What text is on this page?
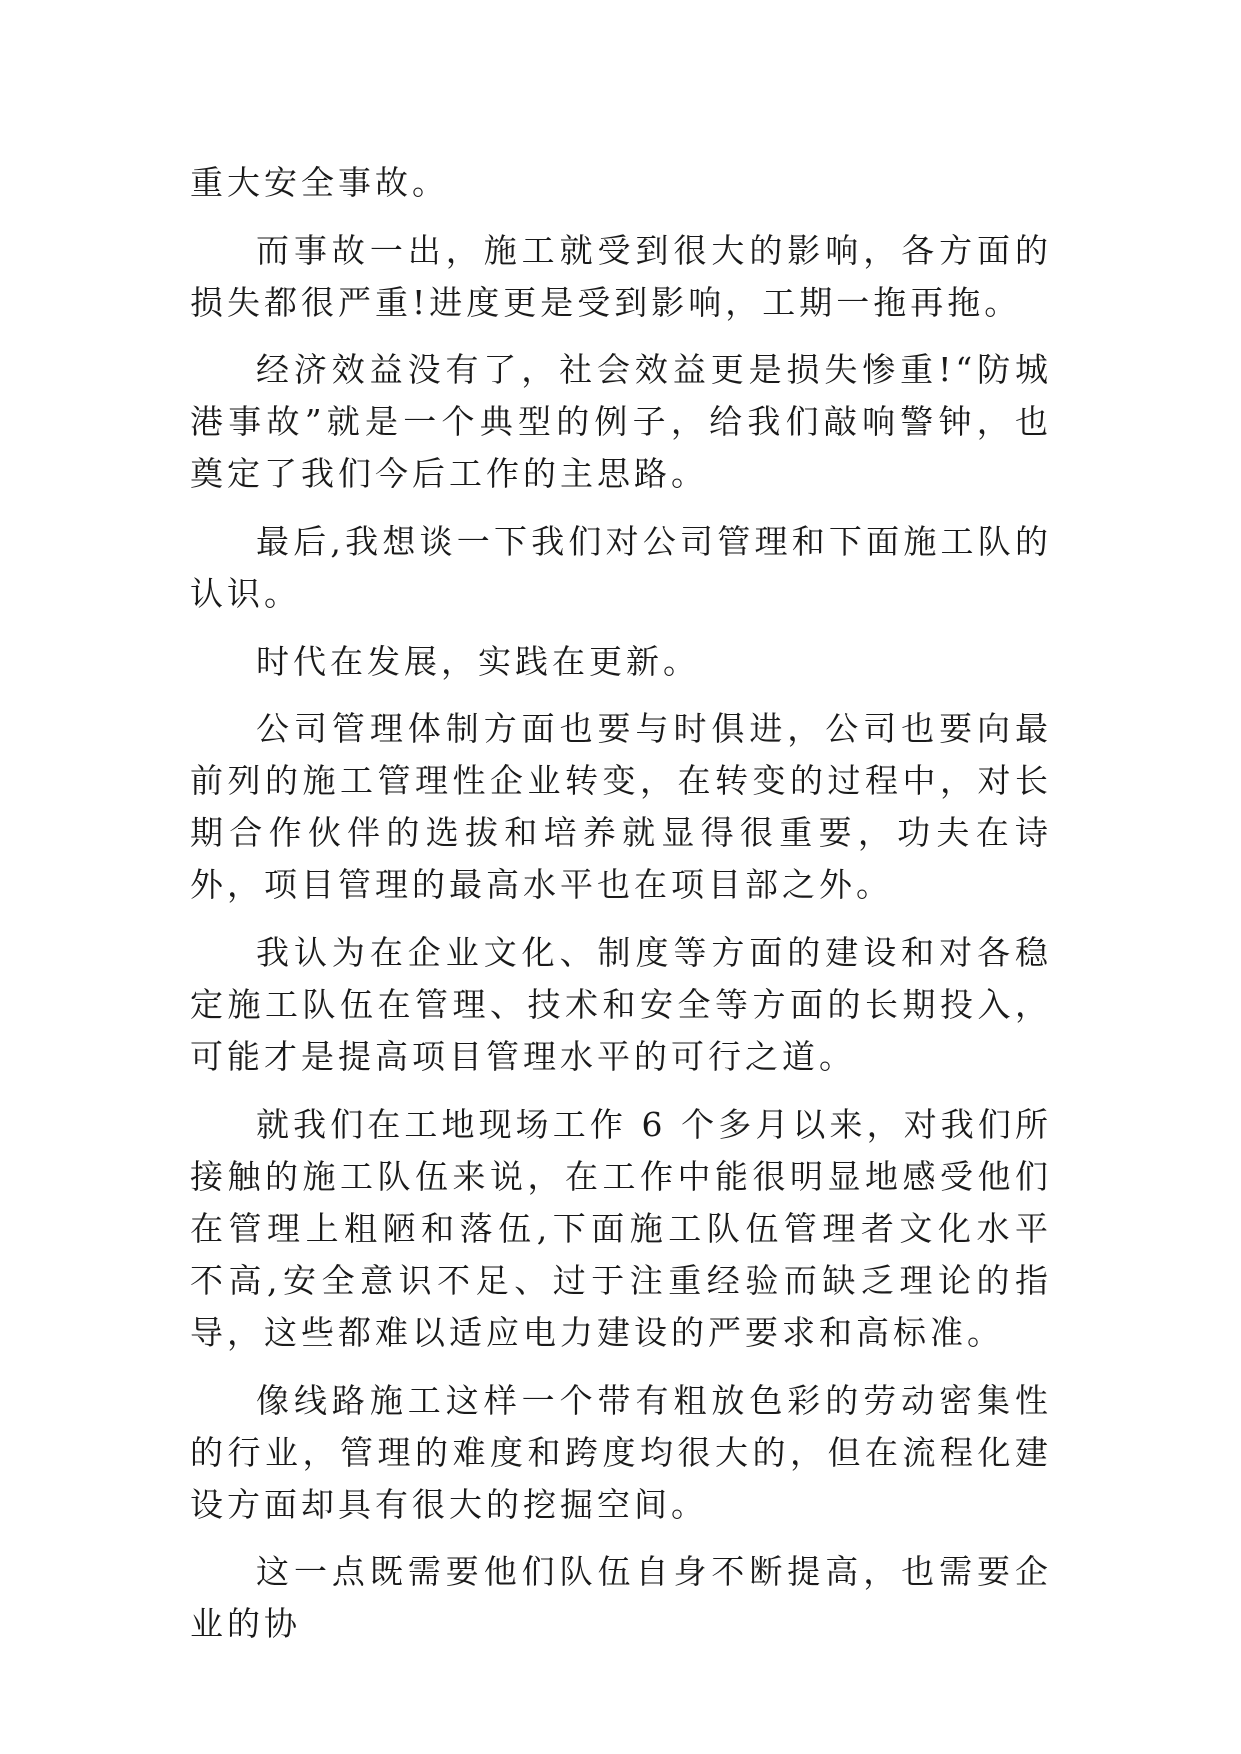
重大安全事故。

而事故一出，施工就受到很大的影响，各方面的损失都很严重!进度更是受到影响，工期一拖再拖。

经济效益没有了，社会效益更是损失惨重!“防城港事故”就是一个典型的例子，给我们敲响警钟，也奠定了我们今后工作的主思路。

最后,我想谈一下我们对公司管理和下面施工队的认识。

时代在发展，实践在更新。

公司管理体制方面也要与时俱进，公司也要向最前列的施工管理性企业转变，在转变的过程中，对长期合作伙伴的选拔和培养就显得很重要，功夫在诗外，项目管理的最高水平也在项目部之外。

我认为在企业文化、制度等方面的建设和对各稳定施工队伍在管理、技术和安全等方面的长期投入，可能才是提高项目管理水平的可行之道。

就我们在工地现场工作 6 个多月以来，对我们所接触的施工队伍来说，在工作中能很明显地感受他们在管理上粗陋和落伍,下面施工队伍管理者文化水平不高,安全意识不足、过于注重经验而缺乏理论的指导，这些都难以适应电力建设的严要求和高标准。

像线路施工这样一个带有粗放色彩的劳动密集性的行业，管理的难度和跨度均很大的，但在流程化建设方面却具有很大的挖掘空间。

这一点既需要他们队伍自身不断提高，也需要企业的协
